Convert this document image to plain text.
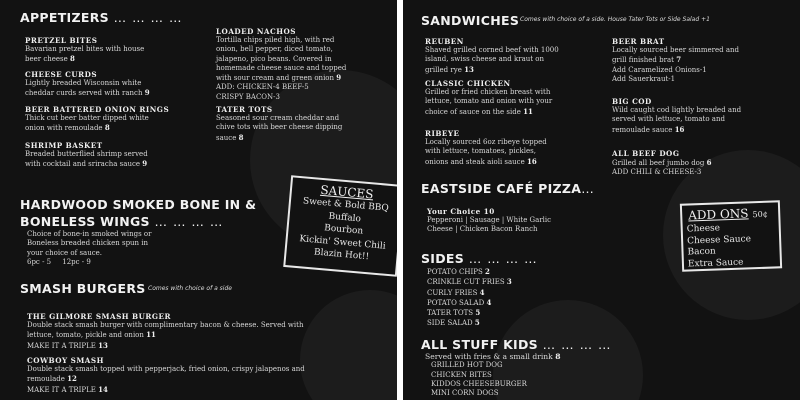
APPETIZERS … … … …
PRETZEL BITES
Bavarian pretzel bites with house
beer cheese 8
CHEESE CURDS
Lightly breaded Wisconsin white
cheddar curds served with ranch 9
BEER BATTERED ONION RINGS
Thick cut beer batter dipped white
onion with remoulade 8
SHRIMP BASKET
Breaded butterflied shrimp served
with cocktail and sriracha sauce 9
LOADED NACHOS
Tortilla chips piled high, with red
onion, bell pepper, diced tomato,
jalapeno, pico beans. Covered in
homemade cheese sauce and topped
with sour cream and green onion 9
ADD: CHICKEN-4 BEEF-5
CRISPY BACON-3
TATER TOTS
Seasoned sour cream cheddar and
chive tots with beer cheese dipping
sauce 8
HARDWOOD SMOKED BONE IN &
BONELESS WINGS … … … …
Choice of bone-in smoked wings or
Boneless breaded chicken spun in
your choice of sauce.
6pc - 5     12pc - 9
SAUCES
Sweet & Bold BBQ
Buffalo
Bourbon
Kickin' Sweet Chili
Blazin Hot!!
SMASH BURGERS Comes with choice of a side
THE GILMORE SMASH BURGER
Double stack smash burger with complimentary bacon & cheese. Served with
lettuce, tomato, pickle and onion 11
MAKE IT A TRIPLE 13
COWBOY SMASH
Double stack smash topped with pepperjack, fried onion, crispy jalapenos and
remoulade 12
MAKE IT A TRIPLE 14
SANDWICHES Comes with choice of a side. House Tater Tots or Side Salad +1
REUBEN
Shaved grilled corned beef with 1000
island, swiss cheese and kraut on
grilled rye 13
CLASSIC CHICKEN
Grilled or fried chicken breast with
lettuce, tomato and onion with your
choice of sauce on the side 11
RIBEYE
Locally sourced 6oz ribeye topped
with lettuce, tomatoes, pickles,
onions and steak aioli sauce 16
BEER BRAT
Locally sourced beer simmered and
grill finished brat 7
Add Caramelized Onions-1
Add Sauerkraut-1
BIG COD
Wild caught cod lightly breaded and
served with lettuce, tomato and
remoulade sauce 16
ALL BEEF DOG
Grilled all beef jumbo dog 6
ADD CHILI & CHEESE-3
EASTSIDE CAFÉ PIZZA…
Your Choice 10
Pepperoni | Sausage | White Garlic
Cheese | Chicken Bacon Ranch
ADD ONS 50¢
Cheese
Cheese Sauce
Bacon
Extra Sauce
SIDES … … … …
POTATO CHIPS 2
CRINKLE CUT FRIES 3
CURLY FRIES 4
POTATO SALAD 4
TATER TOTS 5
SIDE SALAD 5
ALL STUFF KIDS … … … …
Served with fries & a small drink 8
GRILLED HOT DOG
CHICKEN BITES
KIDDOS CHEESEBURGER
MINI CORN DOGS
